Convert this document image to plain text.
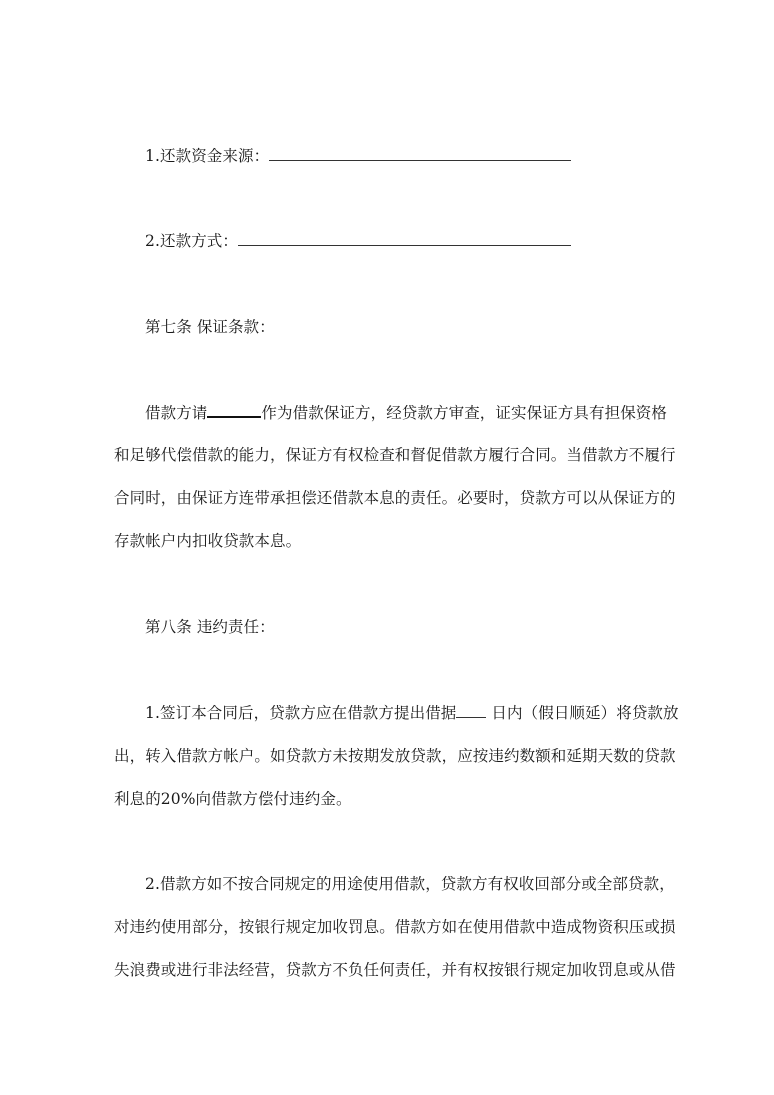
1.还款资金来源：
2.还款方式：
第七条 保证条款：
借款方请	作为借款保证方，经贷款方审查，证实保证方具有担保资格
和足够代偿借款的能力，保证方有权检查和督促借款方履行合同。当借款方不履行
合同时，由保证方连带承担偿还借款本息的责任。必要时，贷款方可以从保证方的
存款帐户内扣收贷款本息。
第八条 违约责任：
1.签订本合同后，贷款方应在借款方提出借据 日内（假日顺延）将贷款放
出，转入借款方帐户。如贷款方未按期发放贷款，应按违约数额和延期天数的贷款
利息的20%向借款方偿付违约金。
2.借款方如不按合同规定的用途使用借款，贷款方有权收回部分或全部贷款，
对违约使用部分，按银行规定加收罚息。借款方如在使用借款中造成物资积压或损
失浪费或进行非法经营，贷款方不负任何责任，并有权按银行规定加收罚息或从借
